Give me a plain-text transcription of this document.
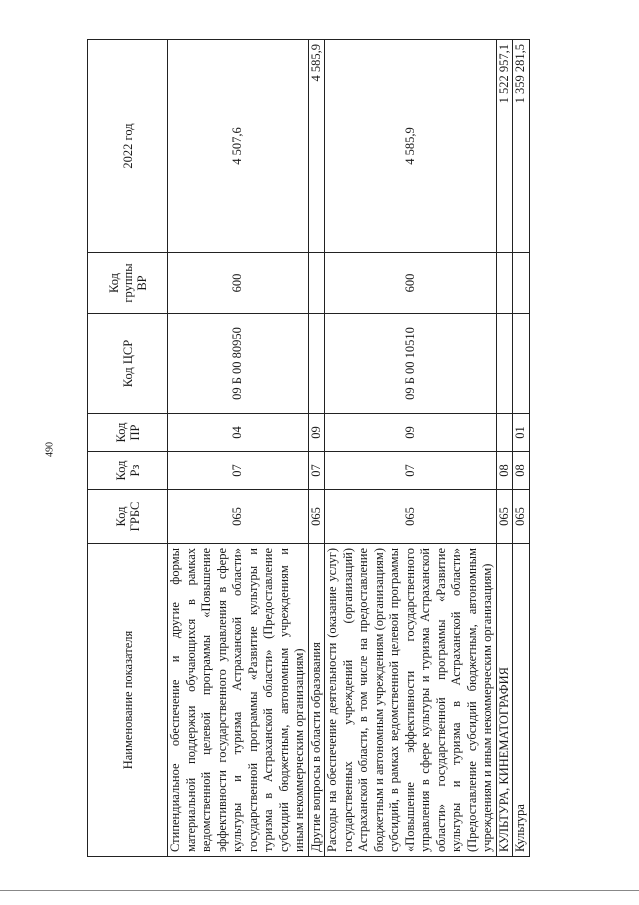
490
Наименование показателя	Код ГРБС	Код Рз	Код ПР	Код ЦСР	Код группы ВР	2022 год
Стипендиальное обеспечение и другие формы материальной поддержки обучающихся в рамках ведомственной целевой программы «Повышение эффективности государственного управления в сфере культуры и туризма Астраханской области» государственной программы «Развитие культуры и туризма в Астраханской области» (Предоставление субсидий бюджетным, автономным учреждениям и иным некоммерческим организациям)	065	07	04	09 Б 00 80950	600	4 507,6
Другие вопросы в области образования	065	07	09			4 585,9
Расходы на обеспечение деятельности (оказание услуг) государственных учреждений (организаций) Астраханской области, в том числе на предоставление бюджетным и автономным учреждениям (организациям) субсидий, в рамках ведомственной целевой программы «Повышение эффективности государственного управления в сфере культуры и туризма Астраханской области» государственной программы «Развитие культуры и туризма в Астраханской области» (Предоставление субсидий бюджетным, автономным учреждениям и иным некоммерческим организациям)	065	07	09	09 Б 00 10510	600	4 585,9
КУЛЬТУРА, КИНЕМАТОГРАФИЯ	065	08				1 522 957,1
Культура	065	08	01			1 359 281,5
